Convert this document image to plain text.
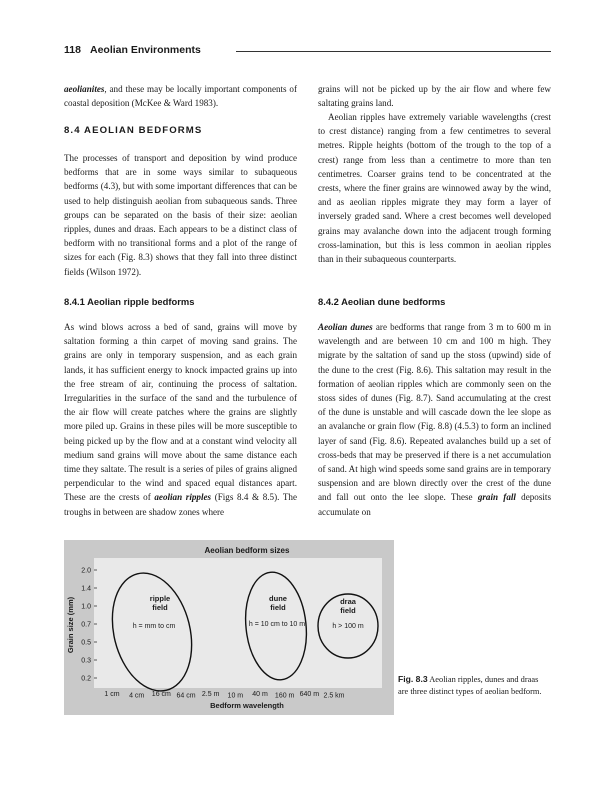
118 Aeolian Environments

aeolianites, and these may be locally important components of coastal deposition (McKee & Ward 1983).

8.4 AEOLIAN BEDFORMS

The processes of transport and deposition by wind produce bedforms that are in some ways similar to subaqueous bedforms (4.3), but with some important differences that can be used to help distinguish aeolian from subaqueous sands. Three groups can be separated on the basis of their size: aeolian ripples, dunes and draas. Each appears to be a distinct class of bedform with no transitional forms and a plot of the range of sizes for each (Fig. 8.3) shows that they fall into three distinct fields (Wilson 1972).

8.4.1 Aeolian ripple bedforms

As wind blows across a bed of sand, grains will move by saltation forming a thin carpet of moving sand grains. The grains are only in temporary suspension, and as each grain lands, it has sufficient energy to knock impacted grains up into the free stream of air, continuing the process of saltation. Irregularities in the surface of the sand and the turbulence of the air flow will create patches where the grains are slightly more piled up. Grains in these piles will be more susceptible to being picked up by the flow and at a constant wind velocity all medium sand grains will move about the same distance each time they saltate. The result is a series of piles of grains aligned perpendicular to the wind and spaced equal distances apart. These are the crests of aeolian ripples (Figs 8.4 & 8.5). The troughs in between are shadow zones where

grains will not be picked up by the air flow and where few saltating grains land.

Aeolian ripples have extremely variable wavelengths (crest to crest distance) ranging from a few centimetres to several metres. Ripple heights (bottom of the trough to the top of a crest) range from less than a centimetre to more than ten centimetres. Coarser grains tend to be concentrated at the crests, where the finer grains are winnowed away by the wind, and as aeolian ripples migrate they may form a layer of inversely graded sand. Where a crest becomes well developed grains may avalanche down into the adjacent trough forming cross-lamination, but this is less common in aeolian ripples than in their subaqueous counterparts.

8.4.2 Aeolian dune bedforms

Aeolian dunes are bedforms that range from 3 m to 600 m in wavelength and are between 10 cm and 100 m high. They migrate by the saltation of sand up the stoss (upwind) side of the dune to the crest (Fig. 8.6). This saltation may result in the formation of aeolian ripples which are commonly seen on the stoss sides of dunes (Fig. 8.7). Sand accumulating at the crest of the dune is unstable and will cascade down the lee slope as an avalanche or grain flow (Fig. 8.8) (4.5.3) to form an inclined layer of sand (Fig. 8.6). Repeated avalanches build up a set of cross-beds that may be preserved if there is a net accumulation of sand. At high wind speeds some sand grains are in temporary suspension and are blown directly over the crest of the dune and fall out onto the lee slope. These grain fall deposits accumulate on

Aeolian bedform sizes
Bedform wavelength
Grain size (mm)
2.0
1.4
1.0
0.7
0.5
0.3
0.2
1 cm 4 cm 16 cm 64 cm 2.5 m 10 m 40 m 160 m 640 m 2.5 km
ripple
field
h = mm to cm
dune
field
h = 10 cm to 10 m
draa
field
h > 100 m
Fig. 8.3 Aeolian ripples, dunes and draas are three distinct types of aeolian bedform.
